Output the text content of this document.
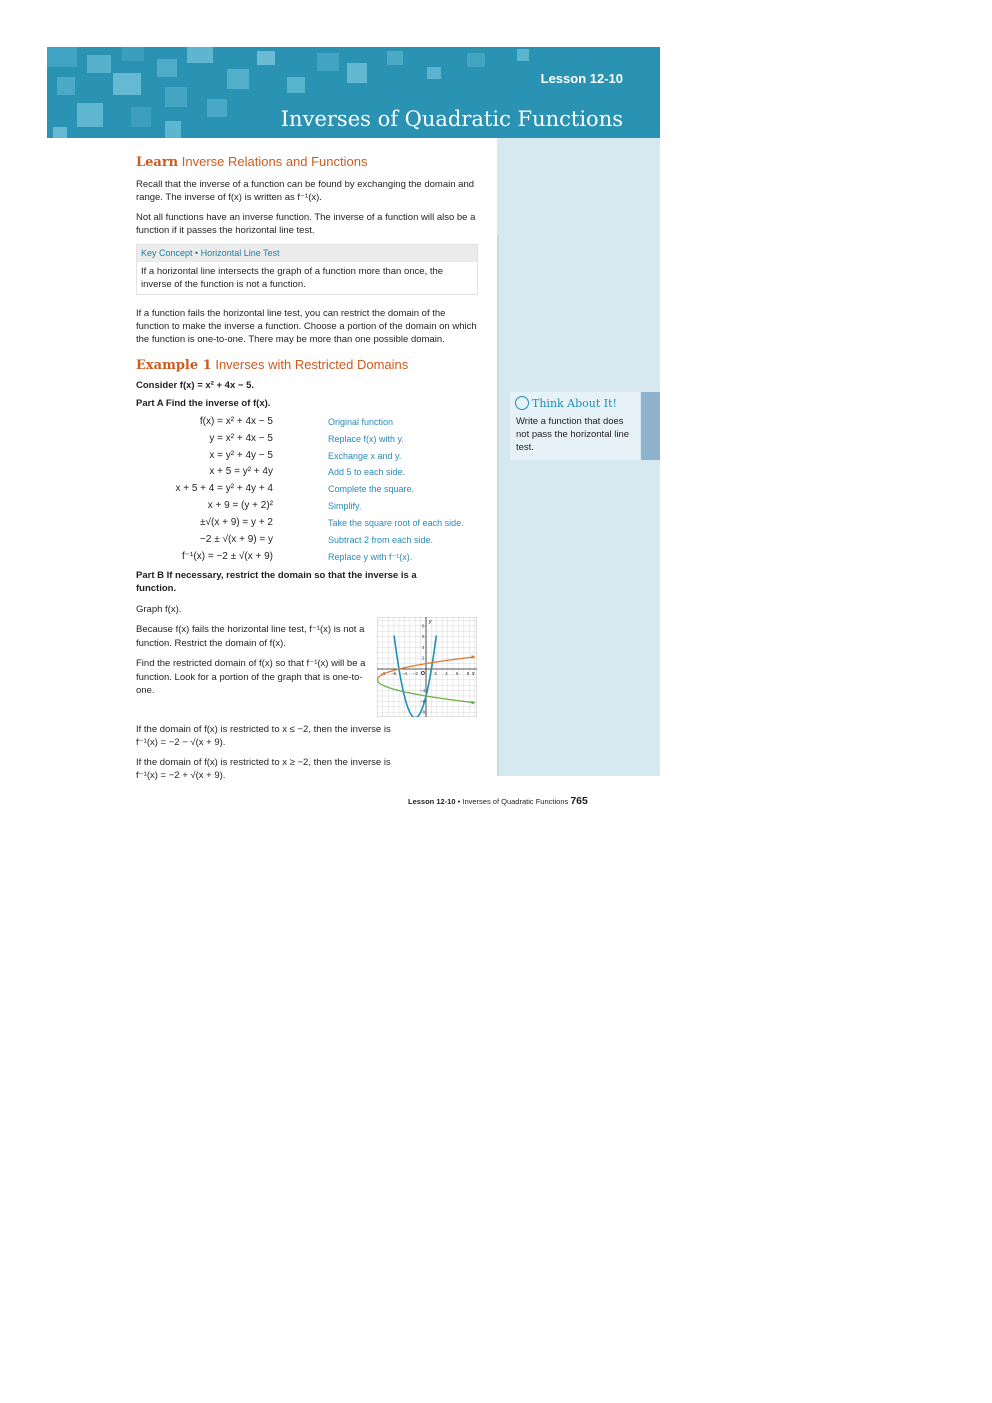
Lesson 12-10
Inverses of Quadratic Functions
Think About It!

Write a function that does not pass the horizontal line test.

Learn Inverse Relations and Functions

Recall that the inverse of a function can be found by exchanging the domain and range. The inverse of f(x) is written as f⁻¹(x).

Not all functions have an inverse function. The inverse of a function will also be a function if it passes the horizontal line test.

Key Concept • Horizontal Line Test
If a horizontal line intersects the graph of a function more than once, the inverse of the function is not a function.

If a function fails the horizontal line test, you can restrict the domain of the function to make the inverse a function. Choose a portion of the domain on which the function is one-to-one. There may be more than one possible domain.

Example 1 Inverses with Restricted Domains

Consider f(x) = x² + 4x − 5.

Part A Find the inverse of f(x).

f(x) = x² + 4x − 5	Original function
y = x² + 4x − 5	Replace f(x) with y.
x = y² + 4y − 5	Exchange x and y.
x + 5 = y² + 4y	Add 5 to each side.
x + 5 + 4 = y² + 4y + 4	Complete the square.
x + 9 = (y + 2)²	Simplify.
±√(x + 9) = y + 2	Take the square root of each side.
−2 ± √(x + 9) = y	Subtract 2 from each side.
f⁻¹(x) = −2 ± √(x + 9)	Replace y with f⁻¹(x).

Part B If necessary, restrict the domain so that the inverse is a function.

Graph f(x).

Because f(x) fails the horizontal line test, f⁻¹(x) is not a function. Restrict the domain of f(x).

Find the restricted domain of f(x) so that f⁻¹(x) will be a function. Look for a portion of the graph that is one-to-one.

x
y
O
−8 −6 −4 −2	2 4 6 8
8
6
4
2
−4
−6
−8

If the domain of f(x) is restricted to x ≤ −2, then the inverse is
f⁻¹(x) = −2 − √(x + 9).

If the domain of f(x) is restricted to x ≥ −2, then the inverse is
f⁻¹(x) = −2 + √(x + 9).

Lesson 12-10 • Inverses of Quadratic Functions 765
